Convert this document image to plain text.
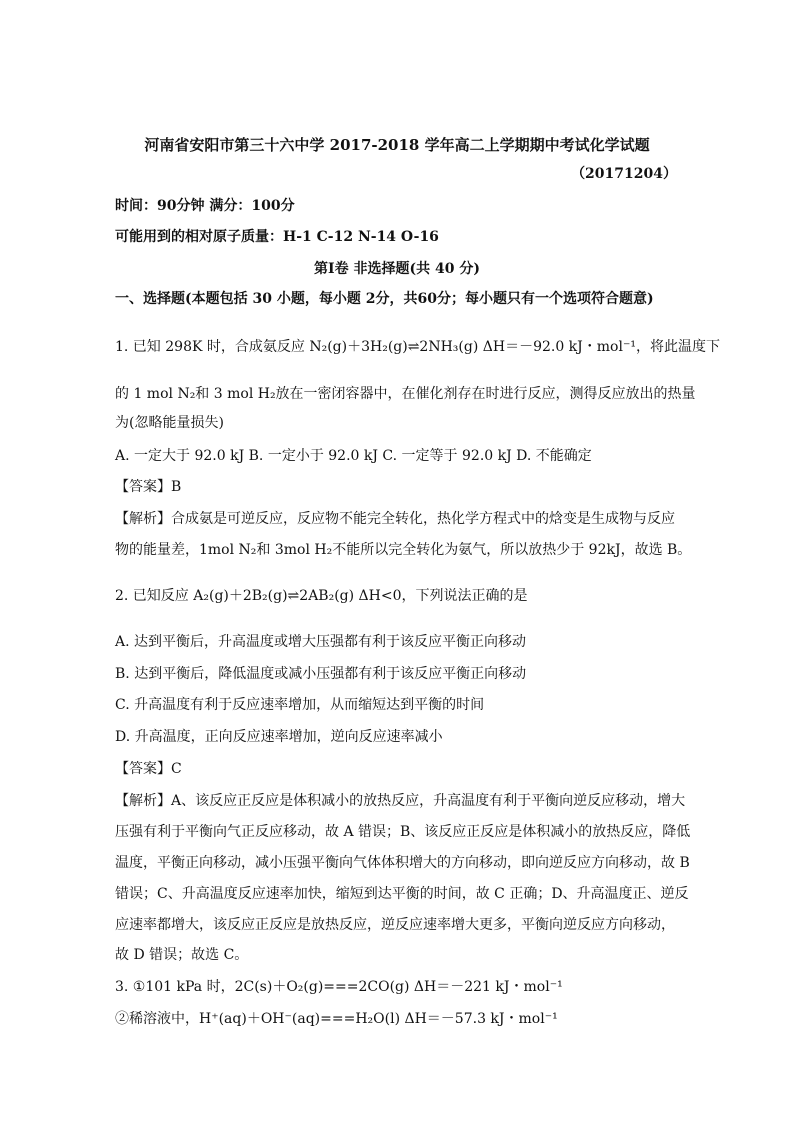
河南省安阳市第三十六中学 2017-2018 学年高二上学期期中考试化学试题
（20171204）
时间：90分钟 满分：100分
可能用到的相对原子质量：H-1 C-12 N-14 O-16
第Ⅰ卷 非选择题(共 40 分)
一、选择题(本题包括 30 小题，每小题 2分，共60分；每小题只有一个选项符合题意)
1. 已知 298K 时，合成氨反应 N₂(g)＋3H₂(g)⇌2NH₃(g) ΔH＝－92.0 kJ・mol⁻¹，将此温度下
的 1 mol N₂和 3 mol H₂放在一密闭容器中，在催化剂存在时进行反应，测得反应放出的热量
为(忽略能量损失)
A. 一定大于 92.0 kJ B. 一定小于 92.0 kJ C. 一定等于 92.0 kJ D. 不能确定
【答案】B
【解析】合成氨是可逆反应，反应物不能完全转化，热化学方程式中的焓变是生成物与反应
物的能量差，1mol N₂和 3mol H₂不能所以完全转化为氨气，所以放热少于 92kJ，故选 B。
2. 已知反应 A₂(g)＋2B₂(g)⇌2AB₂(g) ΔH<0，下列说法正确的是
A. 达到平衡后，升高温度或增大压强都有利于该反应平衡正向移动
B. 达到平衡后，降低温度或减小压强都有利于该反应平衡正向移动
C. 升高温度有利于反应速率增加，从而缩短达到平衡的时间
D. 升高温度，正向反应速率增加，逆向反应速率减小
【答案】C
【解析】A、该反应正反应是体积减小的放热反应，升高温度有利于平衡向逆反应移动，增大
压强有利于平衡向气正反应移动，故 A 错误；B、该反应正反应是体积减小的放热反应，降低
温度，平衡正向移动，减小压强平衡向气体体积增大的方向移动，即向逆反应方向移动，故 B
错误；C、升高温度反应速率加快，缩短到达平衡的时间，故 C 正确；D、升高温度正、逆反
应速率都增大，该反应正反应是放热反应，逆反应速率增大更多，平衡向逆反应方向移动，
故 D 错误；故选 C。
3. ①101 kPa 时，2C(s)＋O₂(g)===2CO(g) ΔH＝－221 kJ・mol⁻¹
②稀溶液中，H⁺(aq)＋OH⁻(aq)===H₂O(l) ΔH＝－57.3 kJ・mol⁻¹
